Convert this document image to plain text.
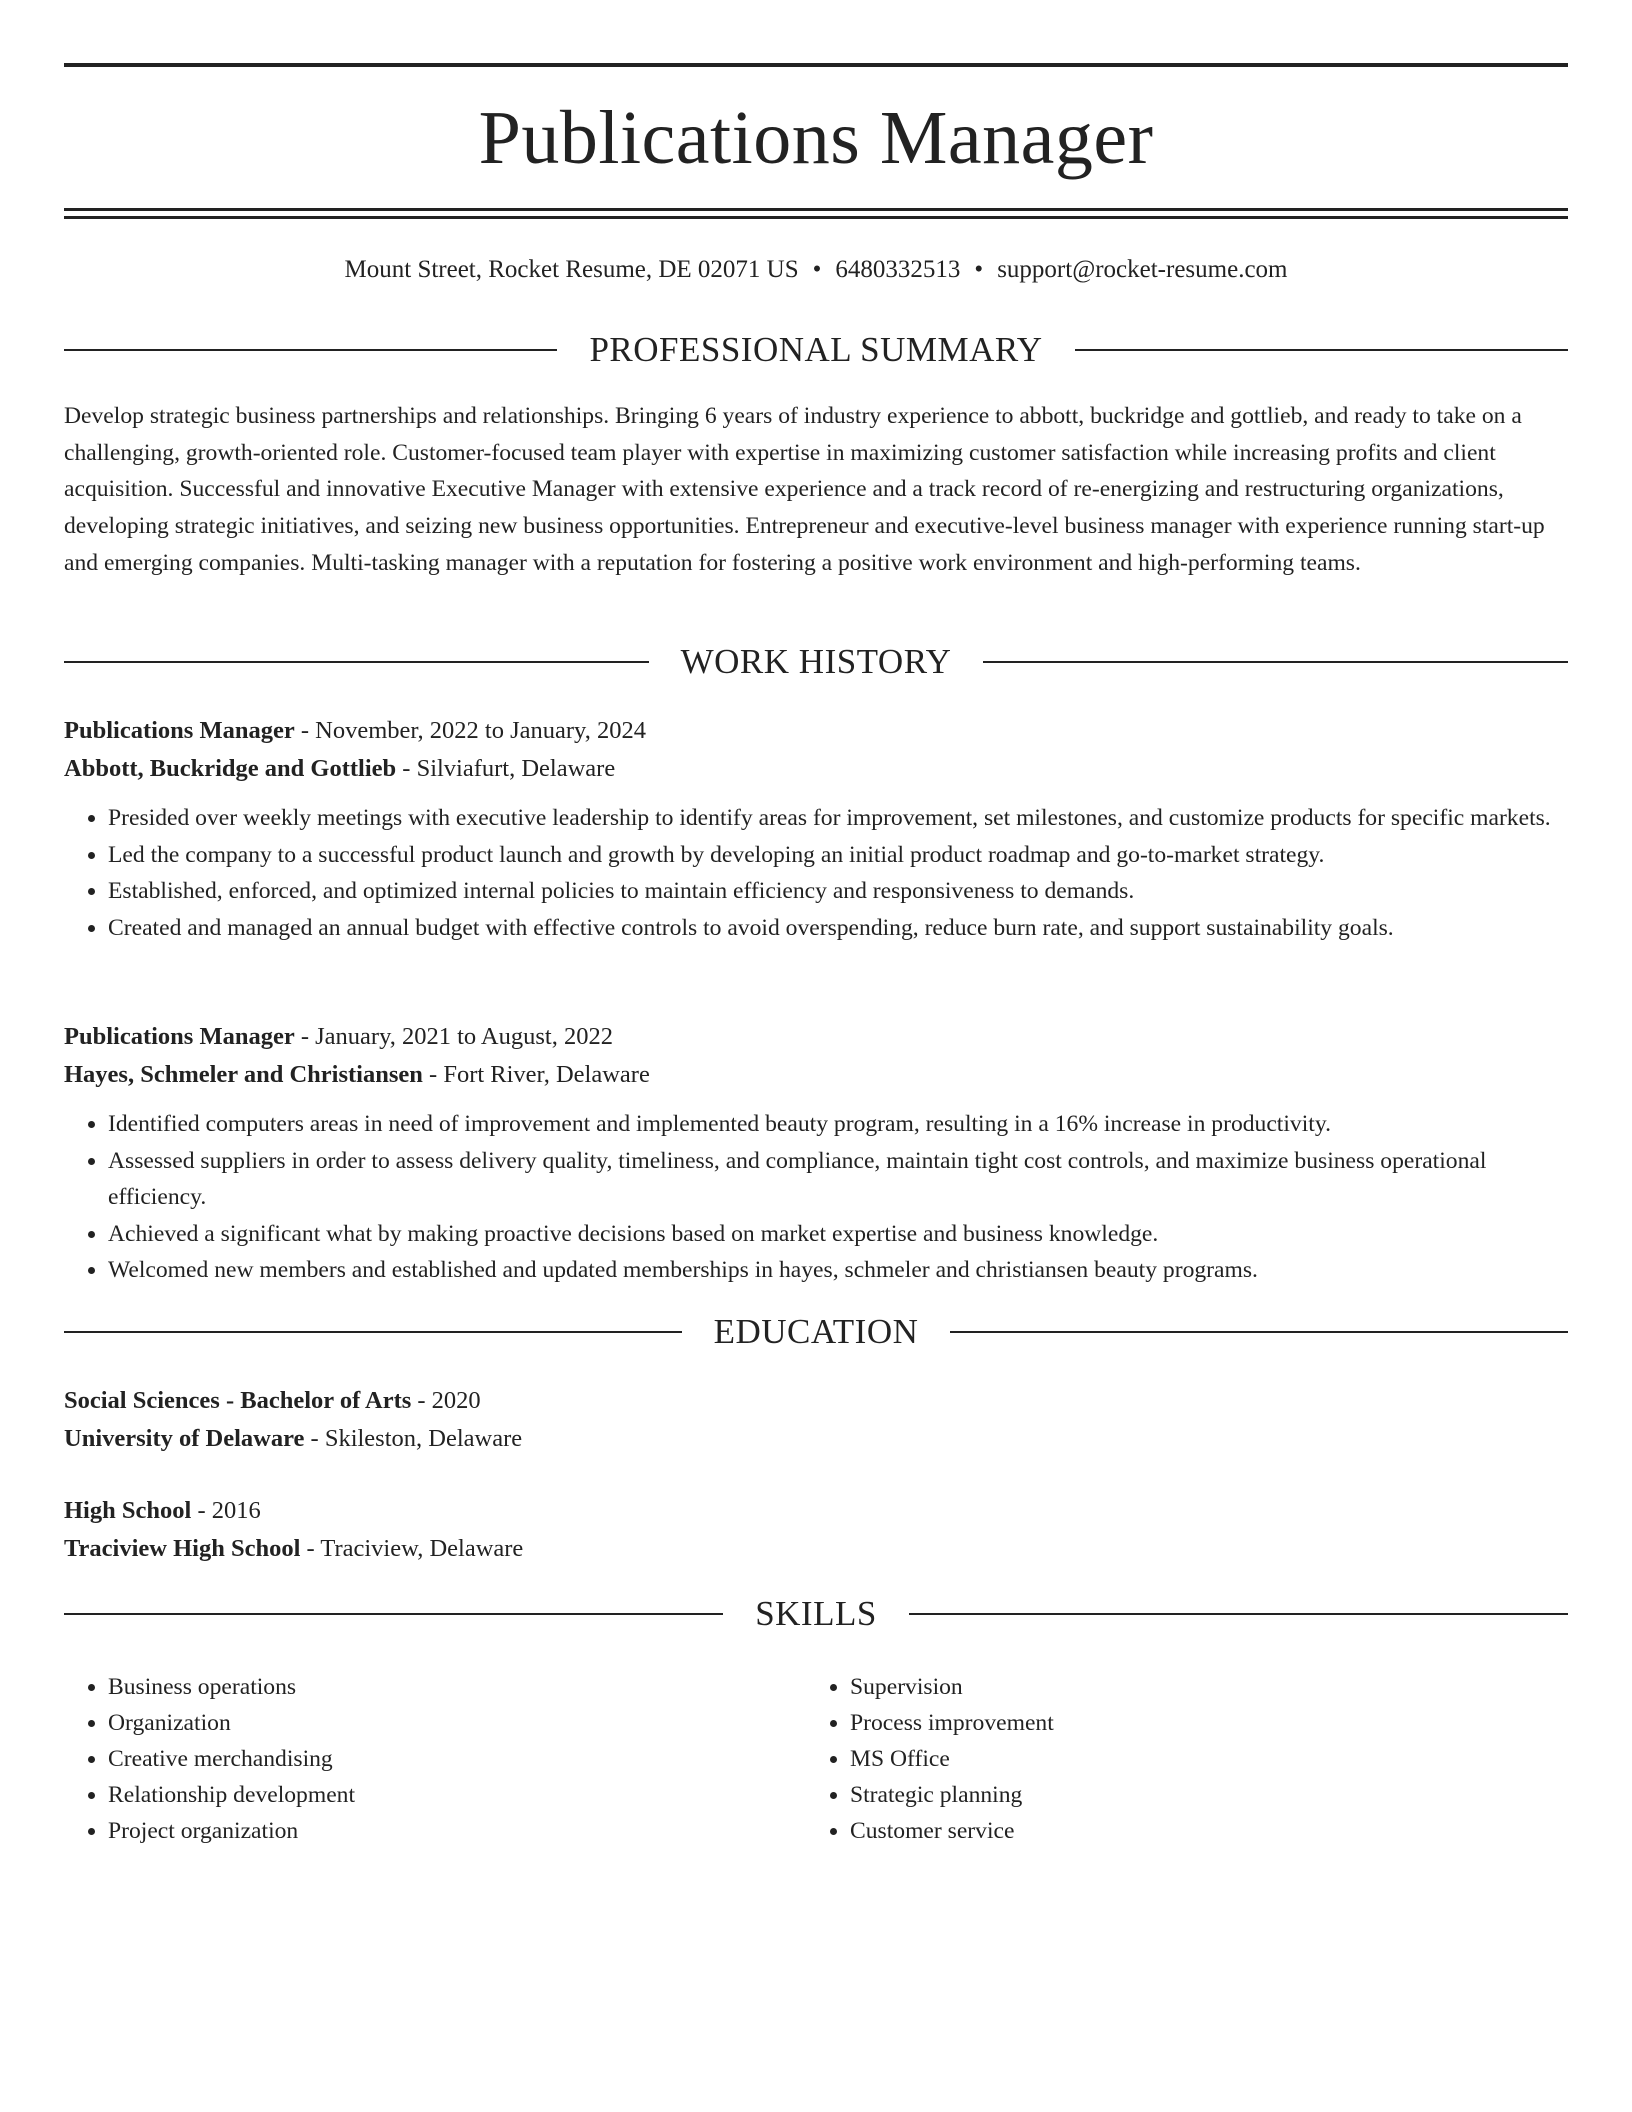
Publications Manager
Mount Street, Rocket Resume, DE 02071 US • 6480332513 • support@rocket-resume.com
PROFESSIONAL SUMMARY

Develop strategic business partnerships and relationships. Bringing 6 years of industry experience to abbott, buckridge and gottlieb, and ready to take on a challenging, growth-oriented role. Customer-focused team player with expertise in maximizing customer satisfaction while increasing profits and client acquisition. Successful and innovative Executive Manager with extensive experience and a track record of re-energizing and restructuring organizations, developing strategic initiatives, and seizing new business opportunities. Entrepreneur and executive-level business manager with experience running start-up and emerging companies. Multi-tasking manager with a reputation for fostering a positive work environment and high-performing teams.

WORK HISTORY
Publications Manager - November, 2022 to January, 2024
Abbott, Buckridge and Gottlieb - Silviafurt, Delaware
• Presided over weekly meetings with executive leadership to identify areas for improvement, set milestones, and customize products for specific markets.
• Led the company to a successful product launch and growth by developing an initial product roadmap and go-to-market strategy.
• Established, enforced, and optimized internal policies to maintain efficiency and responsiveness to demands.
• Created and managed an annual budget with effective controls to avoid overspending, reduce burn rate, and support sustainability goals.
Publications Manager - January, 2021 to August, 2022
Hayes, Schmeler and Christiansen - Fort River, Delaware
• Identified computers areas in need of improvement and implemented beauty program, resulting in a 16% increase in productivity.
• Assessed suppliers in order to assess delivery quality, timeliness, and compliance, maintain tight cost controls, and maximize business operational efficiency.
• Achieved a significant what by making proactive decisions based on market expertise and business knowledge.
• Welcomed new members and established and updated memberships in hayes, schmeler and christiansen beauty programs.
EDUCATION
Social Sciences - Bachelor of Arts - 2020
University of Delaware - Skileston, Delaware
High School - 2016
Traciview High School - Traciview, Delaware
SKILLS
• Business operations
• Organization
• Creative merchandising
• Relationship development
• Project organization
• Supervision
• Process improvement
• MS Office
• Strategic planning
• Customer service
